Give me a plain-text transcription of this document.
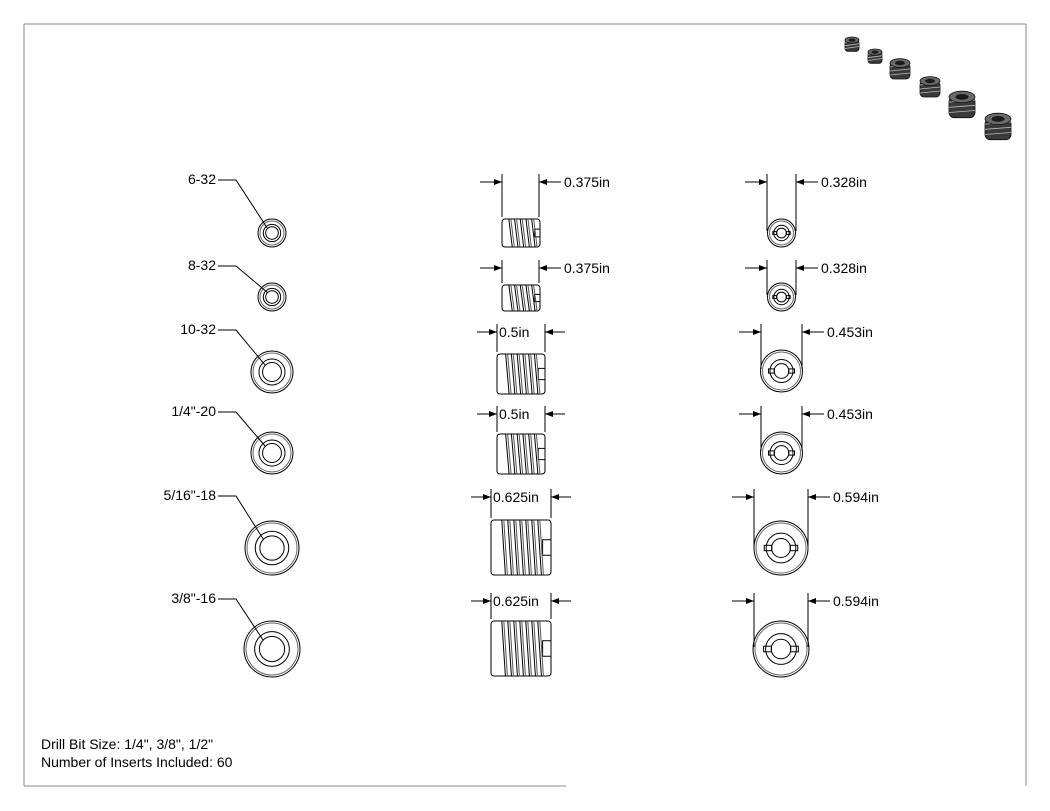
6-32	0.375in	0.328in
8-32	0.375in	0.328in
10-32	0.5in	0.453in
1/4"-20	0.5in	0.453in
5/16"-18	0.625in	0.594in
3/8"-16	0.625in	0.594in
Drill Bit Size: 1/4", 3/8", 1/2"
Number of Inserts Included: 60
